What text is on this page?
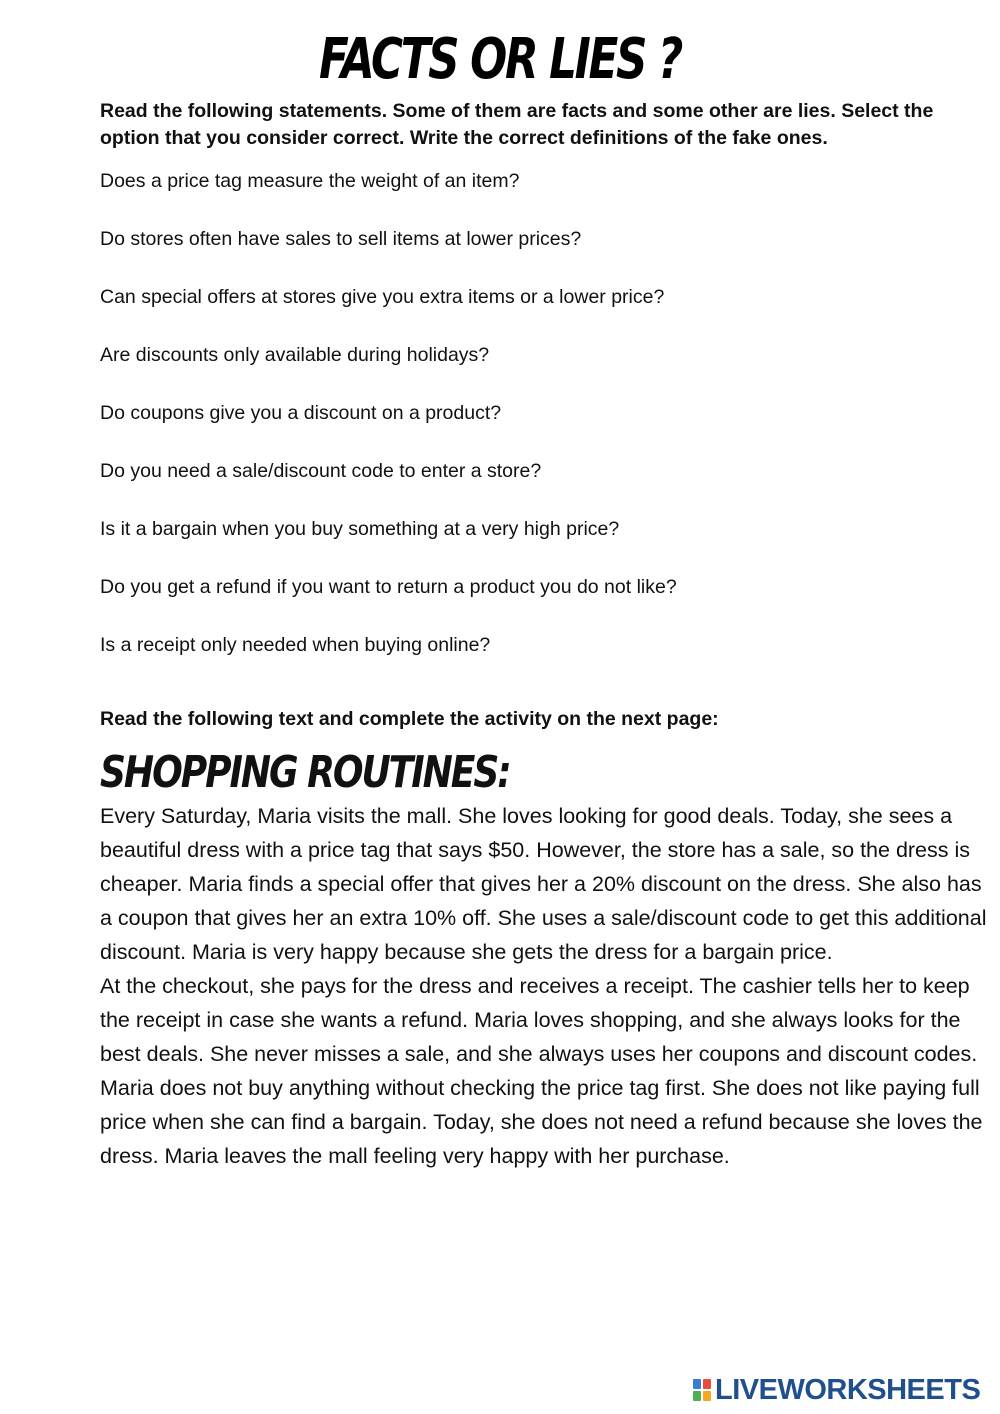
FACTS OR LIES ?

Read the following statements. Some of them are facts and some other are lies. Select the option that you consider correct. Write the correct definitions of the fake ones.

Does a price tag measure the weight of an item?
Do stores often have sales to sell items at lower prices?
Can special offers at stores give you extra items or a lower price?
Are discounts only available during holidays?
Do coupons give you a discount on a product?
Do you need a sale/discount code to enter a store?
Is it a bargain when you buy something at a very high price?
Do you get a refund if you want to return a product you do not like?
Is a receipt only needed when buying online?

Read the following text and complete the activity on the next page:

SHOPPING ROUTINES:

Every Saturday, Maria visits the mall. She loves looking for good deals. Today, she sees a beautiful dress with a price tag that says $50. However, the store has a sale, so the dress is cheaper. Maria finds a special offer that gives her a 20% discount on the dress. She also has a coupon that gives her an extra 10% off. She uses a sale/discount code to get this additional discount. Maria is very happy because she gets the dress for a bargain price.

At the checkout, she pays for the dress and receives a receipt. The cashier tells her to keep the receipt in case she wants a refund. Maria loves shopping, and she always looks for the best deals. She never misses a sale, and she always uses her coupons and discount codes.

Maria does not buy anything without checking the price tag first. She does not like paying full price when she can find a bargain. Today, she does not need a refund because she loves the dress. Maria leaves the mall feeling very happy with her purchase.

LIVEWORKSHEETS
